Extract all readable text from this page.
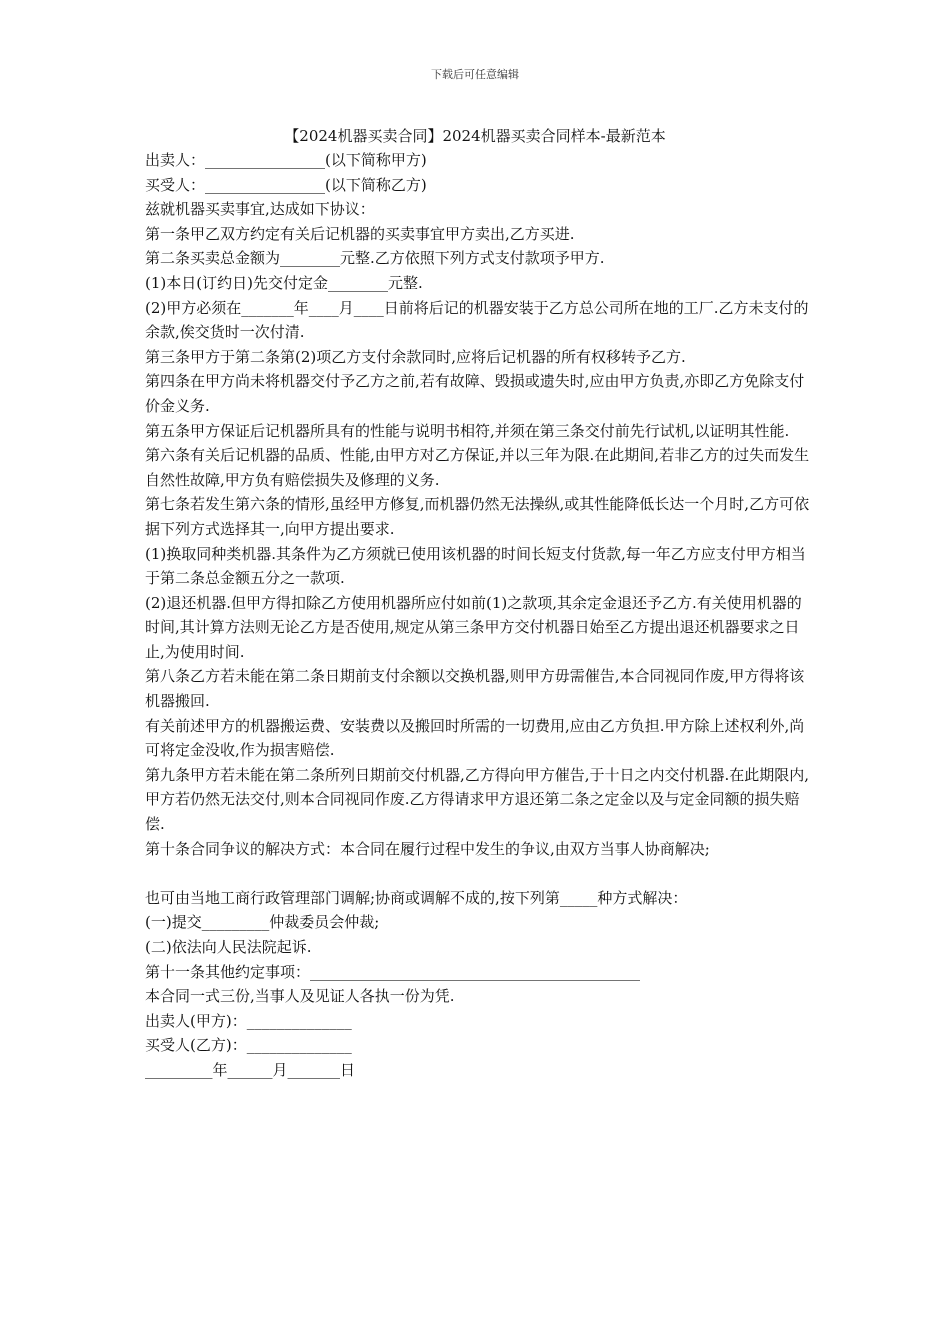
下载后可任意编辑
【2024机器买卖合同】2024机器买卖合同样本-最新范本

出卖人：________________(以下简称甲方)

买受人：________________(以下简称乙方)

兹就机器买卖事宜,达成如下协议：

第一条甲乙双方约定有关后记机器的买卖事宜甲方卖出,乙方买进.

第二条买卖总金额为________元整.乙方依照下列方式支付款项予甲方.

(1)本日(订约日)先交付定金________元整.

(2)甲方必须在_______年____月____日前将后记的机器安装于乙方总公司所在地的工厂.乙方未支付的余款,俟交货时一次付清.

第三条甲方于第二条第(2)项乙方支付余款同时,应将后记机器的所有权移转予乙方.

第四条在甲方尚未将机器交付予乙方之前,若有故障、毁损或遗失时,应由甲方负责,亦即乙方免除支付价金义务.

第五条甲方保证后记机器所具有的性能与说明书相符,并须在第三条交付前先行试机,以证明其性能.

第六条有关后记机器的品质、性能,由甲方对乙方保证,并以三年为限.在此期间,若非乙方的过失而发生自然性故障,甲方负有赔偿损失及修理的义务.

第七条若发生第六条的情形,虽经甲方修复,而机器仍然无法操纵,或其性能降低长达一个月时,乙方可依据下列方式选择其一,向甲方提出要求.

(1)换取同种类机器.其条件为乙方须就已使用该机器的时间长短支付货款,每一年乙方应支付甲方相当于第二条总金额五分之一款项.

(2)退还机器.但甲方得扣除乙方使用机器所应付如前(1)之款项,其余定金退还予乙方.有关使用机器的时间,其计算方法则无论乙方是否使用,规定从第三条甲方交付机器日始至乙方提出退还机器要求之日止,为使用时间.

第八条乙方若未能在第二条日期前支付余额以交换机器,则甲方毋需催告,本合同视同作废,甲方得将该机器搬回.

有关前述甲方的机器搬运费、安装费以及搬回时所需的一切费用,应由乙方负担.甲方除上述权利外,尚可将定金没收,作为损害赔偿.

第九条甲方若未能在第二条所列日期前交付机器,乙方得向甲方催告,于十日之内交付机器.在此期限内,甲方若仍然无法交付,则本合同视同作废.乙方得请求甲方退还第二条之定金以及与定金同额的损失赔偿.

第十条合同争议的解决方式：本合同在履行过程中发生的争议,由双方当事人协商解决;

也可由当地工商行政管理部门调解;协商或调解不成的,按下列第_____种方式解决：

(一)提交_________仲裁委员会仲裁;

(二)依法向人民法院起诉.

第十一条其他约定事项：____________________________________________

本合同一式三份,当事人及见证人各执一份为凭.

出卖人(甲方)：______________

买受人(乙方)：______________

_________年______月_______日
